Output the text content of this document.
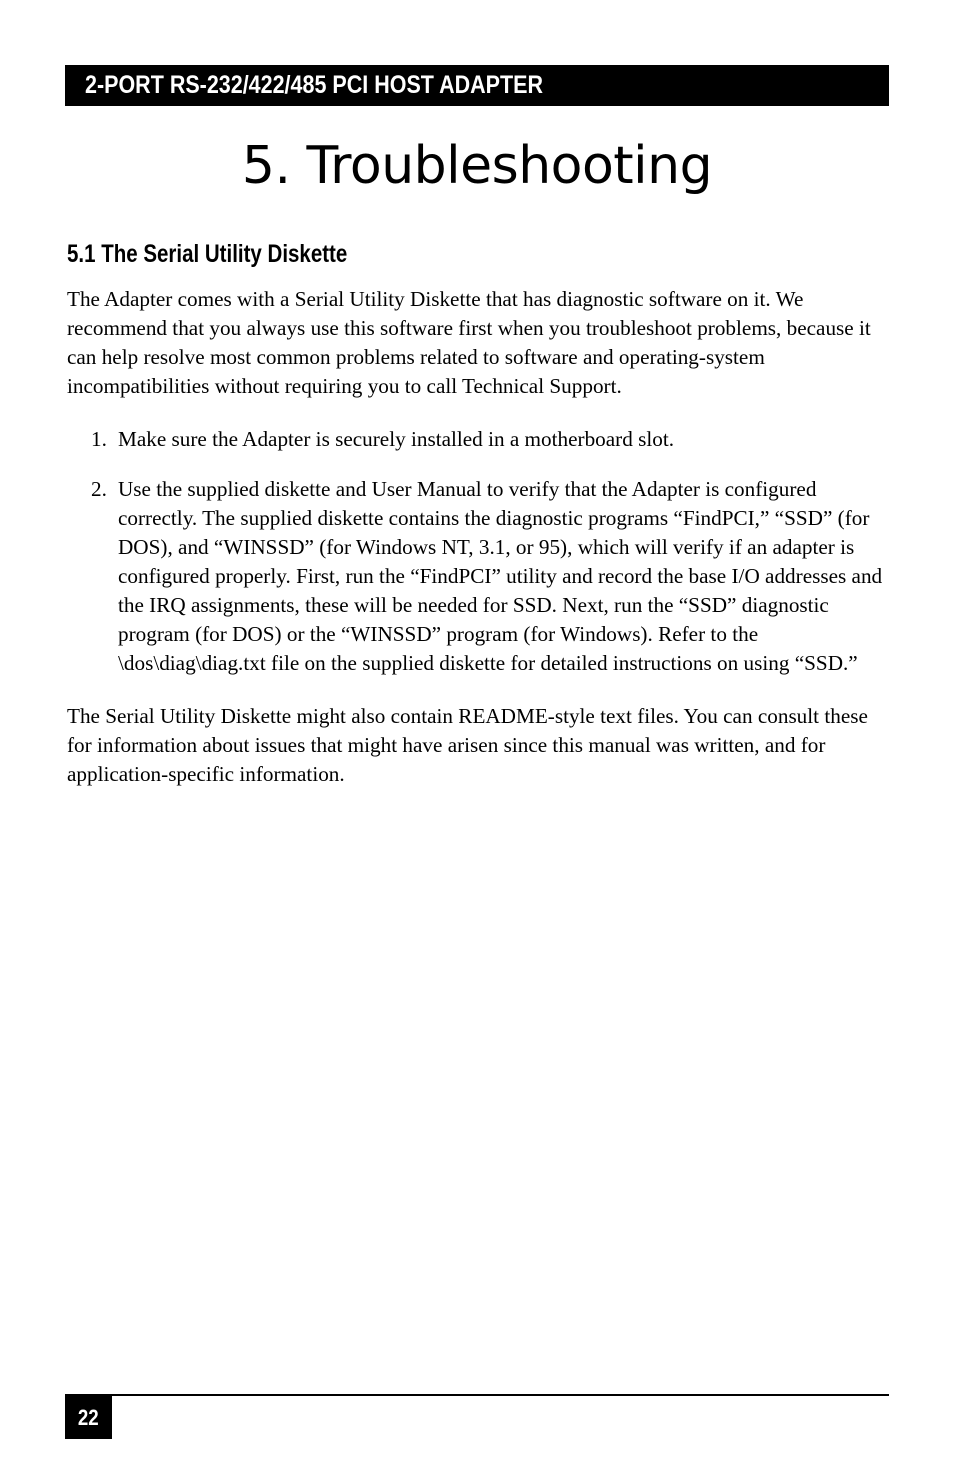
2-PORT RS-232/422/485 PCI HOST ADAPTER
5. Troubleshooting
5.1 The Serial Utility Diskette

The Adapter comes with a Serial Utility Diskette that has diagnostic software on it. We recommend that you always use this software first when you troubleshoot problems, because it can help resolve most common problems related to software and operating-system incompatibilities without requiring you to call Technical Support.

1. Make sure the Adapter is securely installed in a motherboard slot.
2. Use the supplied diskette and User Manual to verify that the Adapter is configured correctly. The supplied diskette contains the diagnostic programs “FindPCI,” “SSD” (for DOS), and “WINSSD” (for Windows NT, 3.1, or 95), which will verify if an adapter is configured properly. First, run the “FindPCI” utility and record the base I/O addresses and the IRQ assignments, these will be needed for SSD. Next, run the “SSD” diagnostic program (for DOS) or the “WINSSD” program (for Windows). Refer to the \dos\diag\diag.txt file on the supplied diskette for detailed instructions on using “SSD.”

The Serial Utility Diskette might also contain README-style text files. You can consult these for information about issues that might have arisen since this manual was written, and for application-specific information.

22
